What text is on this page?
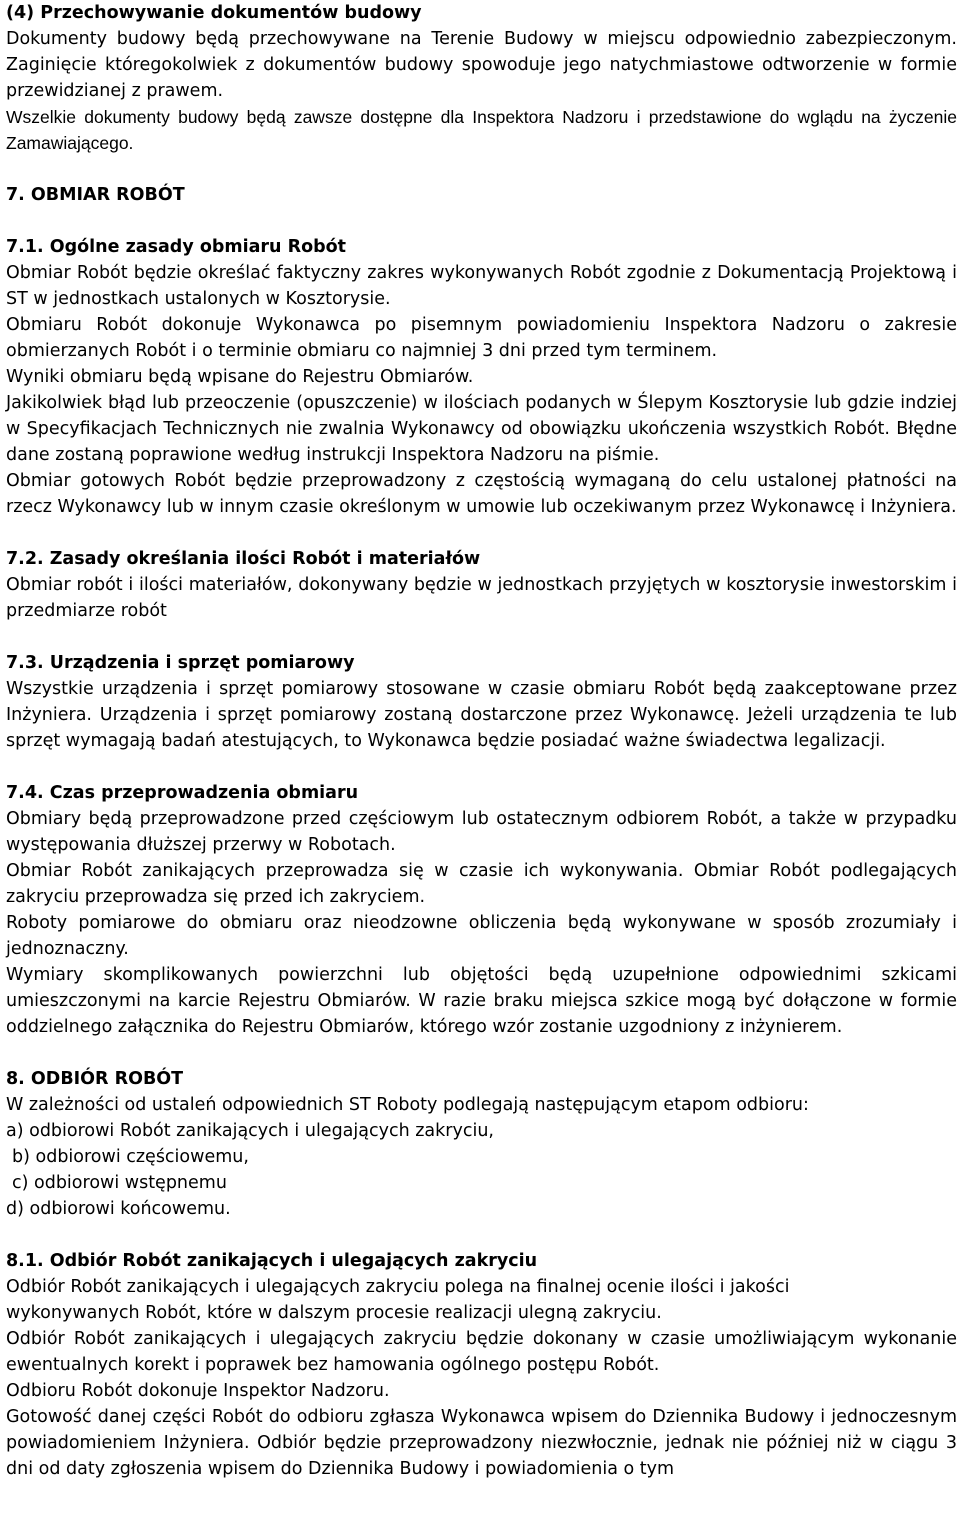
(4) Przechowywanie dokumentów budowy

Dokumenty budowy będą przechowywane na Terenie Budowy w miejscu odpowiednio zabezpieczonym. Zaginięcie któregokolwiek z dokumentów budowy spowoduje jego natychmiastowe odtworzenie w formie przewidzianej z prawem.

Wszelkie dokumenty budowy będą zawsze dostępne dla Inspektora Nadzoru i przedstawione do wglądu na życzenie Zamawiającego.

7. OBMIAR ROBÓT
7.1. Ogólne zasady obmiaru Robót

Obmiar Robót będzie określać faktyczny zakres wykonywanych Robót zgodnie z Dokumentacją Projektową i ST w jednostkach ustalonych w Kosztorysie.

Obmiaru Robót dokonuje Wykonawca po pisemnym powiadomieniu Inspektora Nadzoru o zakresie obmierzanych Robót i o terminie obmiaru co najmniej 3 dni przed tym terminem.

Wyniki obmiaru będą wpisane do Rejestru Obmiarów.

Jakikolwiek błąd lub przeoczenie (opuszczenie) w ilościach podanych w Ślepym Kosztorysie lub gdzie indziej w Specyfikacjach Technicznych nie zwalnia Wykonawcy od obowiązku ukończenia wszystkich Robót. Błędne dane zostaną poprawione według instrukcji Inspektora Nadzoru na piśmie.

Obmiar gotowych Robót będzie przeprowadzony z częstością wymaganą do celu ustalonej płatności na rzecz Wykonawcy lub w innym czasie określonym w umowie lub oczekiwanym przez Wykonawcę i Inżyniera.

7.2. Zasady określania ilości Robót i materiałów

Obmiar robót i ilości materiałów, dokonywany będzie w jednostkach przyjętych w kosztorysie inwestorskim i przedmiarze robót

7.3. Urządzenia i sprzęt pomiarowy

Wszystkie urządzenia i sprzęt pomiarowy stosowane w czasie obmiaru Robót będą zaakceptowane przez Inżyniera. Urządzenia i sprzęt pomiarowy zostaną dostarczone przez Wykonawcę. Jeżeli urządzenia te lub sprzęt wymagają badań atestujących, to Wykonawca będzie posiadać ważne świadectwa legalizacji.

7.4. Czas przeprowadzenia obmiaru

Obmiary będą przeprowadzone przed częściowym lub ostatecznym odbiorem Robót, a także w przypadku występowania dłuższej przerwy w Robotach.

Obmiar Robót zanikających przeprowadza się w czasie ich wykonywania. Obmiar Robót podlegających zakryciu przeprowadza się przed ich zakryciem.

Roboty pomiarowe do obmiaru oraz nieodzowne obliczenia będą wykonywane w sposób zrozumiały i jednoznaczny.

Wymiary skomplikowanych powierzchni lub objętości będą uzupełnione odpowiednimi szkicami umieszczonymi na karcie Rejestru Obmiarów. W razie braku miejsca szkice mogą być dołączone w formie oddzielnego załącznika do Rejestru Obmiarów, którego wzór zostanie uzgodniony z inżynierem.

8. ODBIÓR ROBÓT

W zależności od ustaleń odpowiednich ST Roboty podlegają następującym etapom odbioru:

a) odbiorowi Robót zanikających i ulegających zakryciu,

b) odbiorowi częściowemu,

c) odbiorowi wstępnemu

d) odbiorowi końcowemu.

8.1. Odbiór Robót zanikających i ulegających zakryciu

Odbiór Robót zanikających i ulegających zakryciu polega na finalnej ocenie ilości i jakości

wykonywanych Robót, które w dalszym procesie realizacji ulegną zakryciu.

Odbiór Robót zanikających i ulegających zakryciu będzie dokonany w czasie umożliwiającym wykonanie ewentualnych korekt i poprawek bez hamowania ogólnego postępu Robót.

Odbioru Robót dokonuje Inspektor Nadzoru.

Gotowość danej części Robót do odbioru zgłasza Wykonawca wpisem do Dziennika Budowy i jednoczesnym powiadomieniem Inżyniera. Odbiór będzie przeprowadzony niezwłocznie, jednak nie później niż w ciągu 3 dni od daty zgłoszenia wpisem do Dziennika Budowy i powiadomienia o tym
